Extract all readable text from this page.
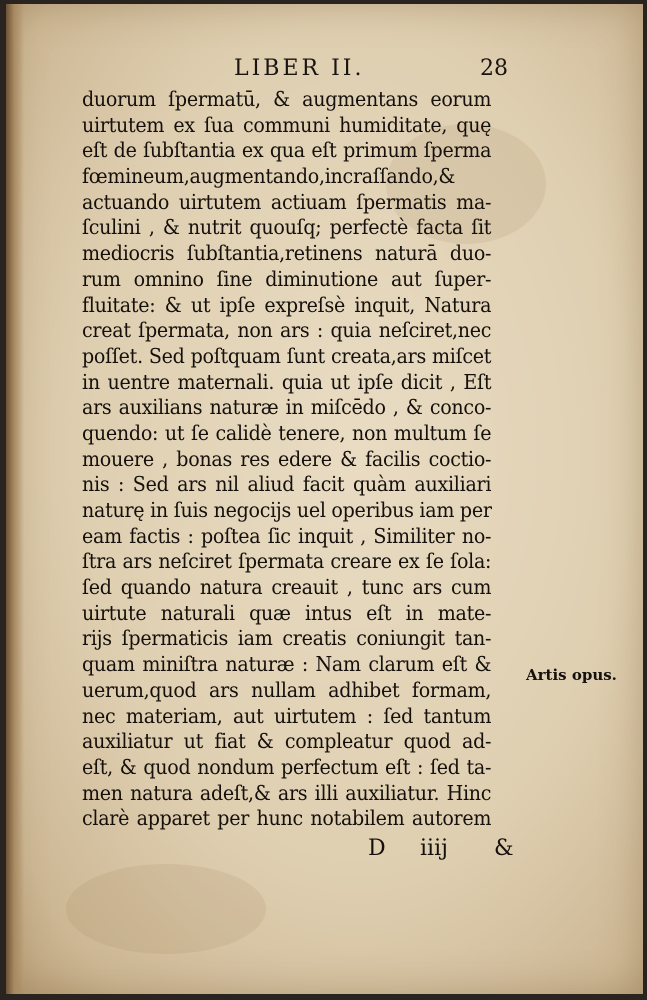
LIBER II.	28
duorum ſpermatū, & augmentans eorum
uirtutem ex ſua communi humiditate, quę
eſt de ſubſtantia ex qua eſt primum ſperma
fœmineum,augmentando,incraſſando,&
actuando uirtutem actiuam ſpermatis ma-
ſculini , & nutrit quouſq; perfectè facta ſit
mediocris ſubſtantia,retinens naturā duo-
rum omnino ſine diminutione aut ſuper-
fluitate: & ut ipſe expreſsè inquit, Natura
creat ſpermata, non ars : quia neſciret,nec
poſſet. Sed poſtquam ſunt creata,ars miſcet
in uentre maternali. quia ut ipſe dicit , Eſt
ars auxilians naturæ in miſcēdo , & conco-
quendo: ut ſe calidè tenere, non multum ſe
mouere , bonas res edere & facilis coctio-
nis : Sed ars nil aliud facit quàm auxiliari
naturę in ſuis negocijs uel operibus iam per
eam factis : poſtea ſic inquit , Similiter no-
ſtra ars neſciret ſpermata creare ex ſe ſola:
ſed quando natura creauit , tunc ars cum
uirtute naturali quæ intus eſt in mate-
rijs ſpermaticis iam creatis coniungit tan-
quam miniſtra naturæ : Nam clarum eſt &
uerum,quod ars nullam adhibet formam,
nec materiam, aut uirtutem : ſed tantum
auxiliatur ut fiat & compleatur quod ad-
eſt, & quod nondum perfectum eſt : ſed ta-
men natura adeſt,& ars illi auxiliatur. Hinc
clarè apparet per hunc notabilem autorem
Artis opus.
D iiij &
